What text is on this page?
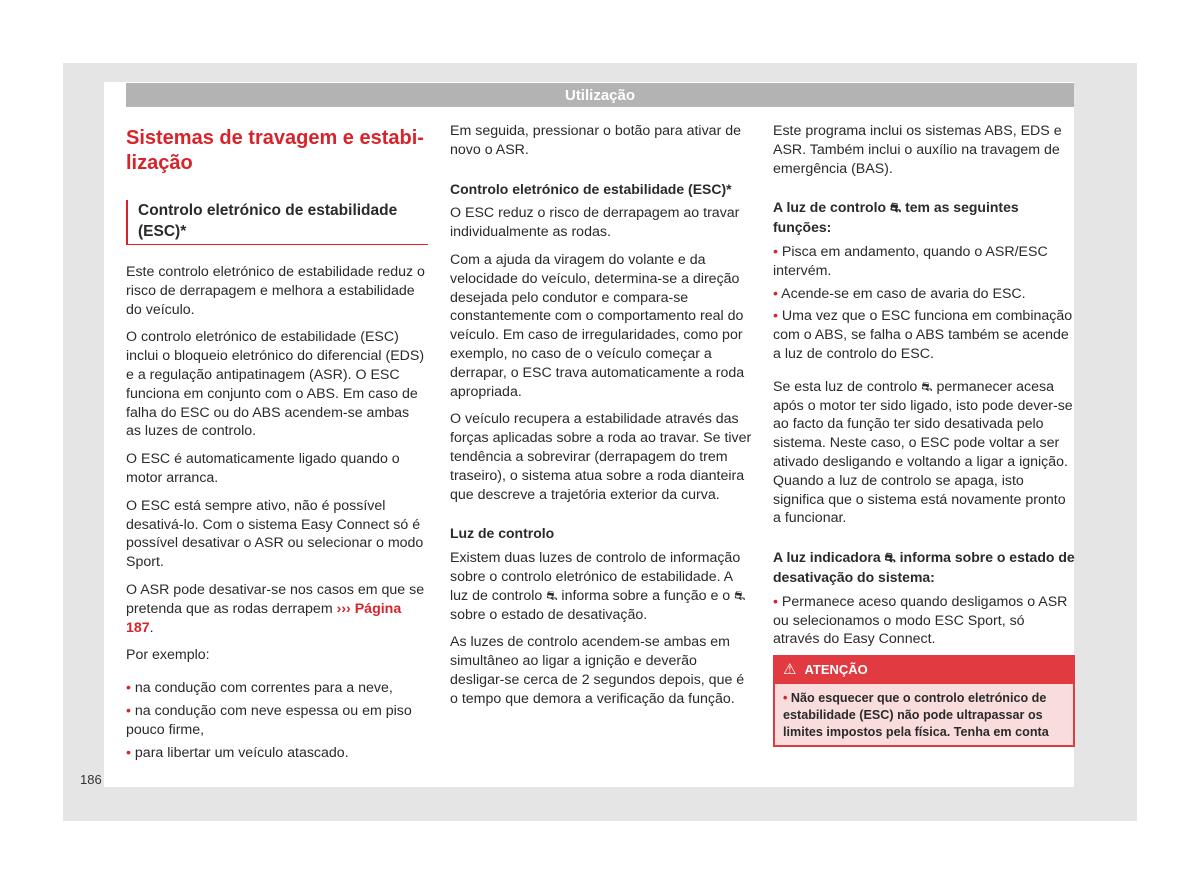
Utilização
Sistemas de travagem e estabi-lização
Controlo eletrónico de estabilidade (ESC)*

Este controlo eletrónico de estabilidade reduz o risco de derrapagem e melhora a estabilidade do veículo.

O controlo eletrónico de estabilidade (ESC) inclui o bloqueio eletrónico do diferencial (EDS) e a regulação antipatinagem (ASR). O ESC funciona em conjunto com o ABS. Em caso de falha do ESC ou do ABS acendem-se ambas as luzes de controlo.

O ESC é automaticamente ligado quando o motor arranca.

O ESC está sempre ativo, não é possível desativá-lo. Com o sistema Easy Connect só é possível desativar o ASR ou selecionar o modo Sport.

O ASR pode desativar-se nos casos em que se pretenda que as rodas derrapem ››› Página 187.

Por exemplo:

• na condução com correntes para a neve,
• na condução com neve espessa ou em piso pouco firme,
• para libertar um veículo atascado.

Em seguida, pressionar o botão para ativar de novo o ASR.

Controlo eletrónico de estabilidade (ESC)*

O ESC reduz o risco de derrapagem ao travar individualmente as rodas.

Com a ajuda da viragem do volante e da velocidade do veículo, determina-se a direção desejada pelo condutor e compara-se constantemente com o comportamento real do veículo. Em caso de irregularidades, como por exemplo, no caso de o veículo começar a derrapar, o ESC trava automaticamente a roda apropriada.

O veículo recupera a estabilidade através das forças aplicadas sobre a roda ao travar. Se tiver tendência a sobrevirar (derrapagem do trem traseiro), o sistema atua sobre a roda dianteira que descreve a trajetória exterior da curva.

Luz de controlo

Existem duas luzes de controlo de informação sobre o controlo eletrónico de estabilidade. A luz de controlo ⛐ informa sobre a função e o ⛐ sobre o estado de desativação.

As luzes de controlo acendem-se ambas em simultâneo ao ligar a ignição e deverão desligar-se cerca de 2 segundos depois, que é o tempo que demora a verificação da função.

Este programa inclui os sistemas ABS, EDS e ASR. Também inclui o auxílio na travagem de emergência (BAS).

A luz de controlo ⛐ tem as seguintes funções:
• Pisca em andamento, quando o ASR/ESC intervém.
• Acende-se em caso de avaria do ESC.
• Uma vez que o ESC funciona em combinação com o ABS, se falha o ABS também se acende a luz de controlo do ESC.

Se esta luz de controlo ⛐ permanecer acesa após o motor ter sido ligado, isto pode dever-se ao facto da função ter sido desativada pelo sistema. Neste caso, o ESC pode voltar a ser ativado desligando e voltando a ligar a ignição. Quando a luz de controlo se apaga, isto significa que o sistema está novamente pronto a funcionar.

A luz indicadora ⛐ informa sobre o estado de desativação do sistema:
• Permanece aceso quando desligamos o ASR ou selecionamos o modo ESC Sport, só através do Easy Connect.
⚠ ATENÇÃO
• Não esquecer que o controlo eletrónico de estabilidade (ESC) não pode ultrapassar os limites impostos pela física. Tenha em conta
186
